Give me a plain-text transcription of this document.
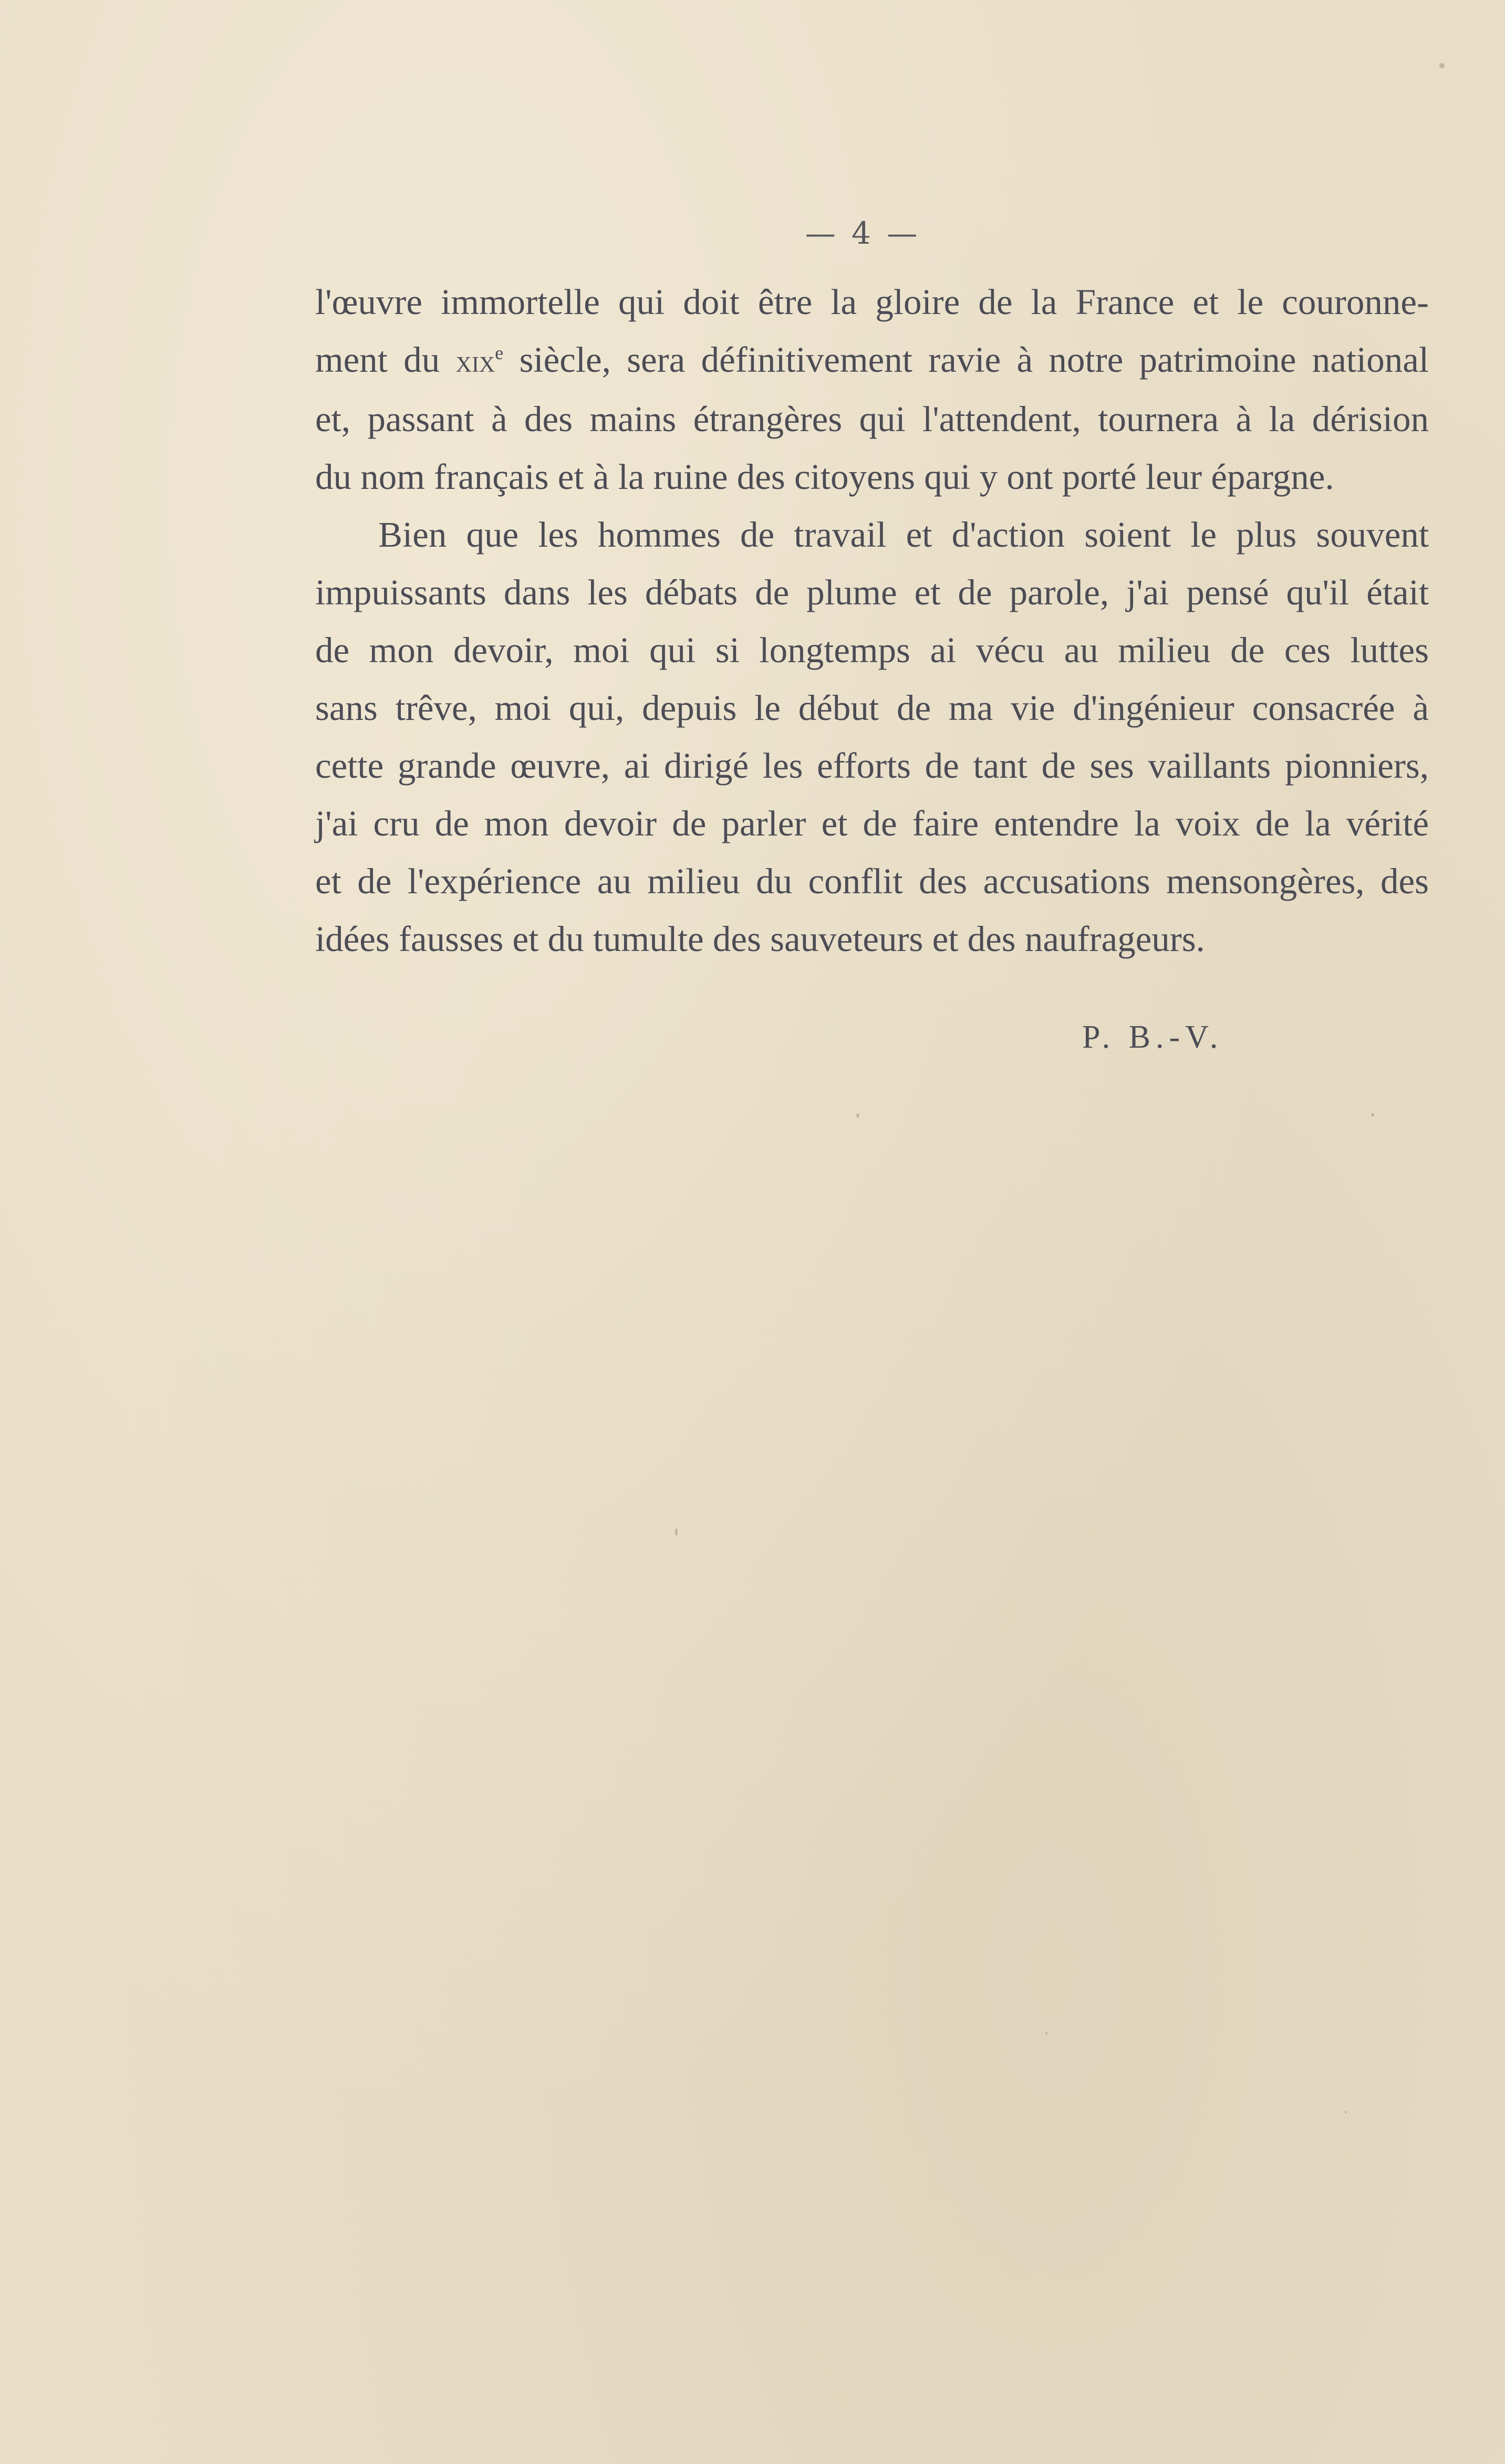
— 4 —
l'œuvre immortelle qui doit être la gloire de la France et le couronne-
ment du xix$^e$ siècle, sera définitivement ravie à notre patrimoine national
et, passant à des mains étrangères qui l'attendent, tournera à la dérision
du nom français et à la ruine des citoyens qui y ont porté leur épargne.
Bien que les hommes de travail et d'action soient le plus souvent
impuissants dans les débats de plume et de parole, j'ai pensé qu'il était
de mon devoir, moi qui si longtemps ai vécu au milieu de ces luttes
sans trêve, moi qui, depuis le début de ma vie d'ingénieur consacrée à
cette grande œuvre, ai dirigé les efforts de tant de ses vaillants pionniers,
j'ai cru de mon devoir de parler et de faire entendre la voix de la vérité
et de l'expérience au milieu du conflit des accusations mensongères, des
idées fausses et du tumulte des sauveteurs et des naufrageurs.
P. B.-V.
